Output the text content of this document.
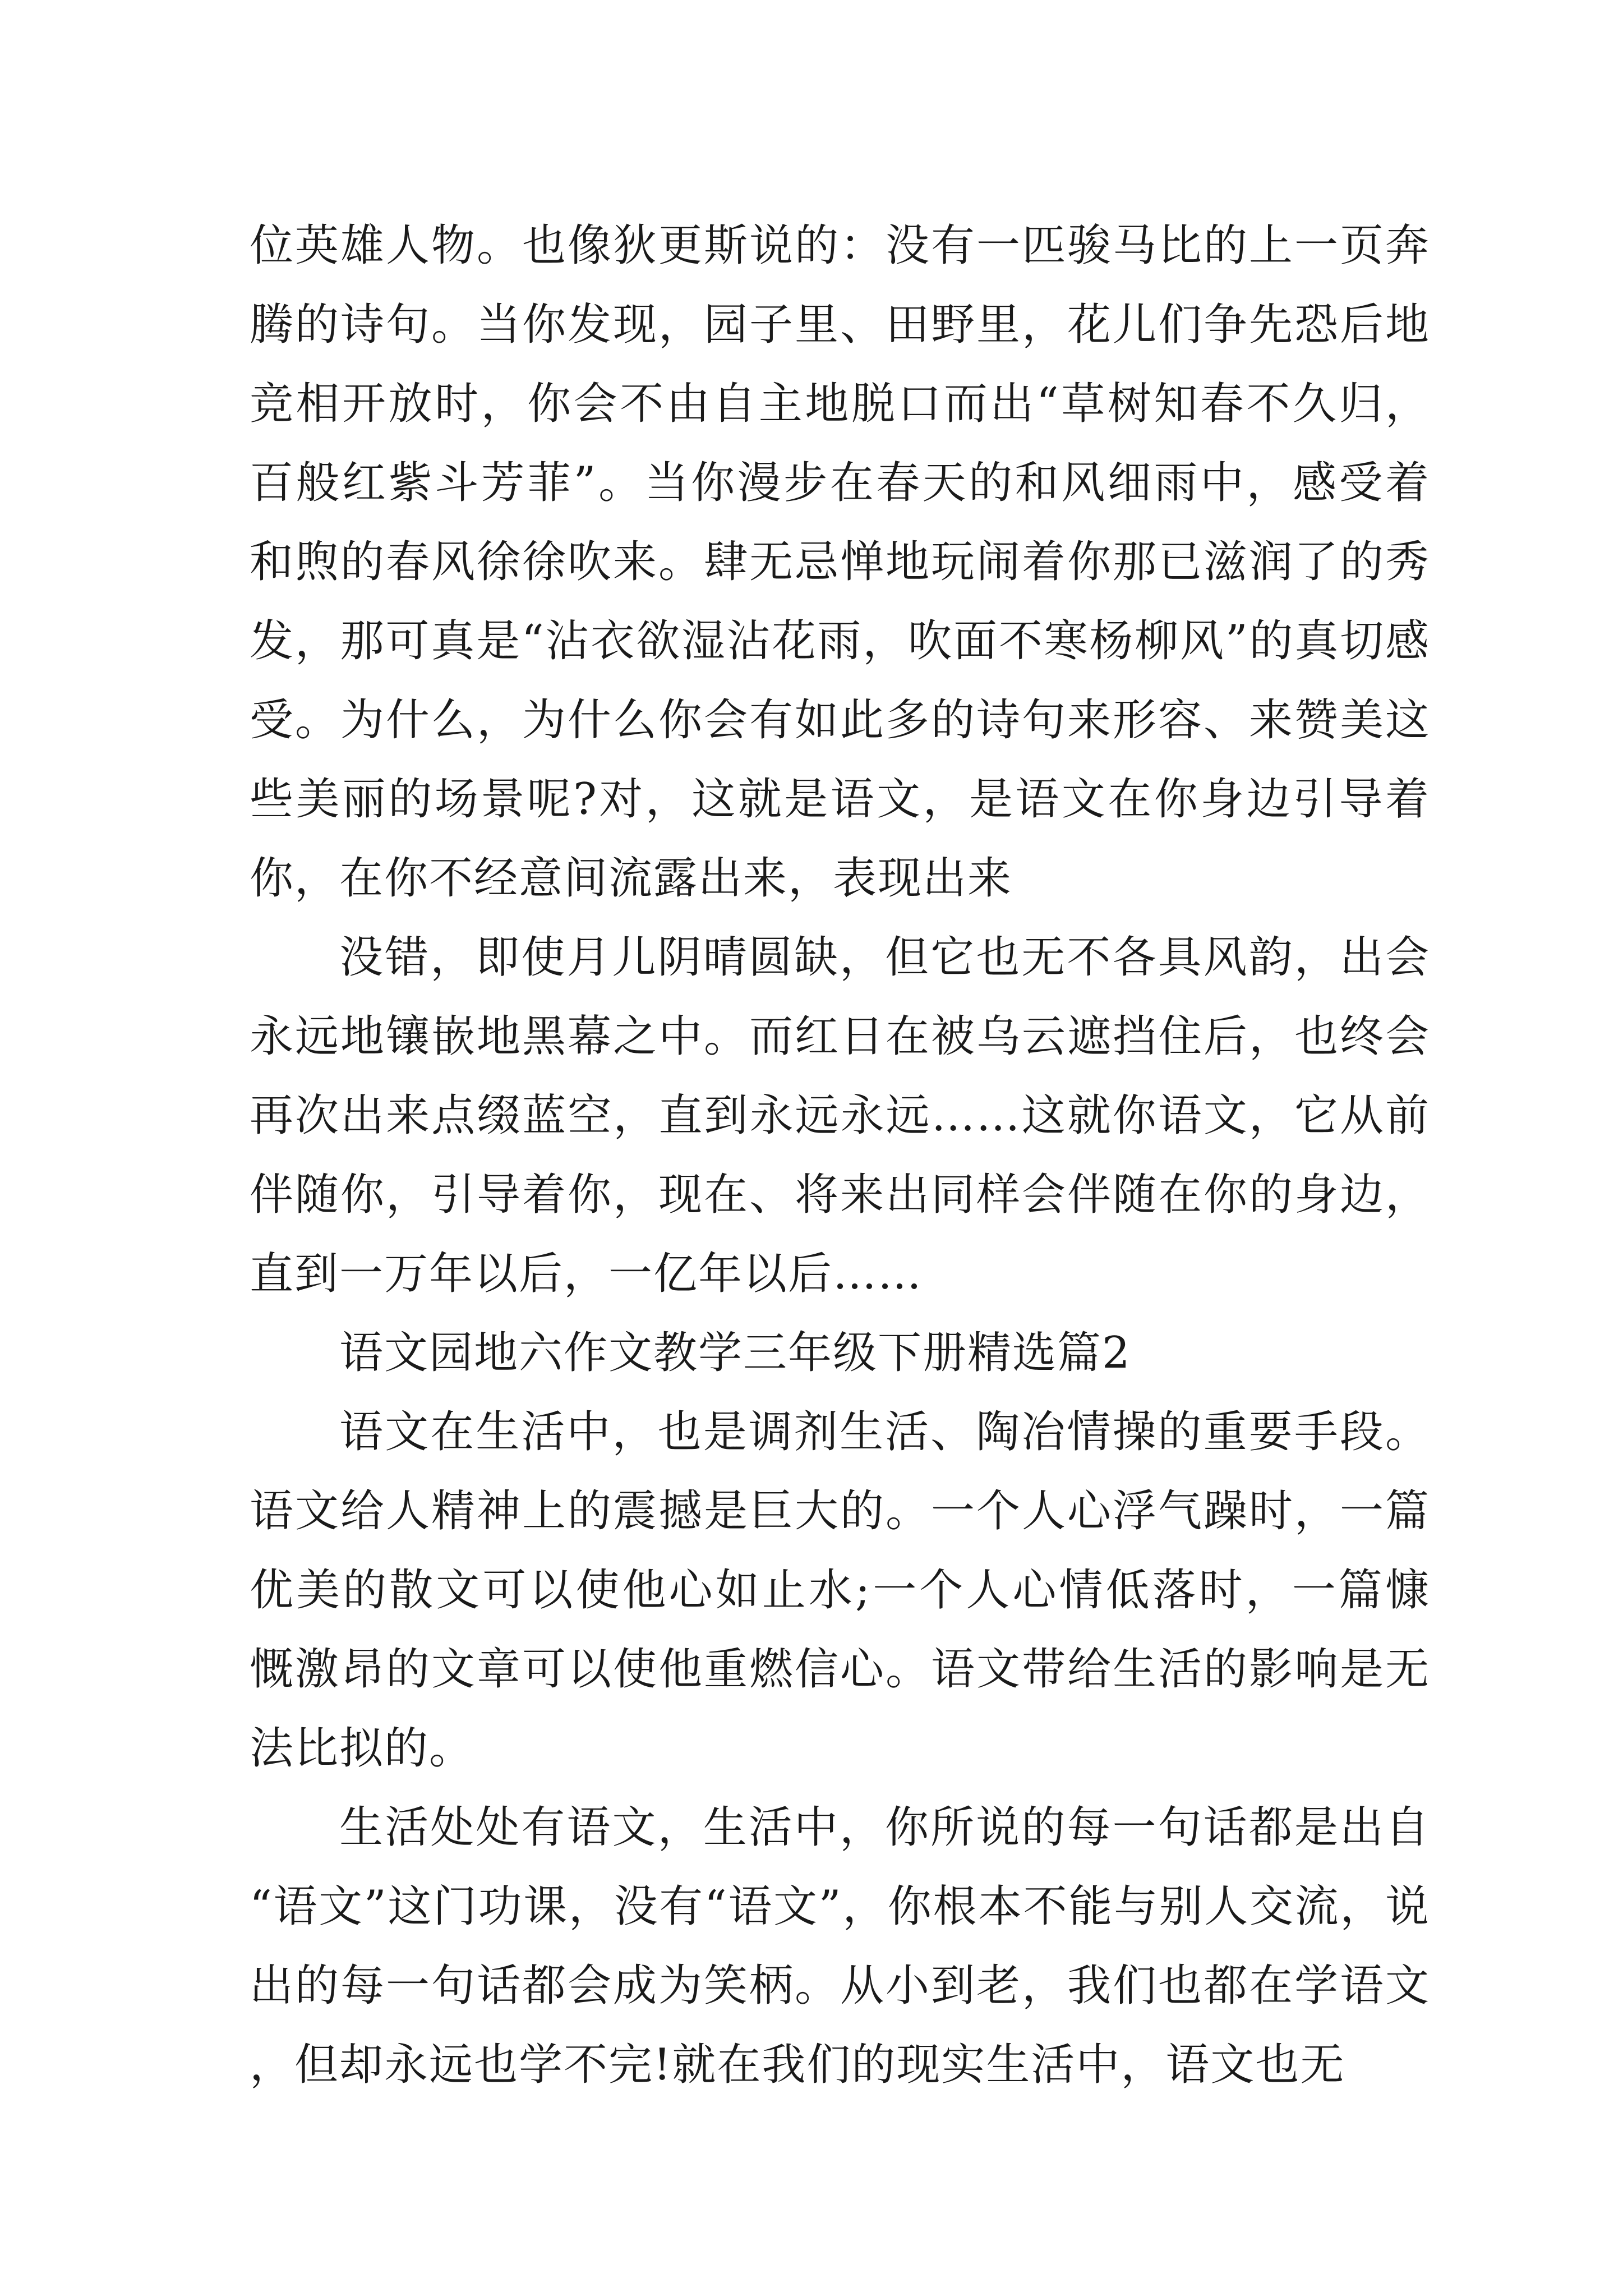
位英雄人物。也像狄更斯说的：没有一匹骏马比的上一页奔腾的诗句。当你发现，园子里、田野里，花儿们争先恐后地竞相开放时，你会不由自主地脱口而出“草树知春不久归，百般红紫斗芳菲”。当你漫步在春天的和风细雨中，感受着和煦的春风徐徐吹来。肆无忌惮地玩闹着你那已滋润了的秀发，那可真是“沾衣欲湿沾花雨，吹面不寒杨柳风”的真切感受。为什么，为什么你会有如此多的诗句来形容、来赞美这些美丽的场景呢?对，这就是语文，是语文在你身边引导着你，在你不经意间流露出来，表现出来

没错，即使月儿阴晴圆缺，但它也无不各具风韵，出会永远地镶嵌地黑幕之中。而红日在被乌云遮挡住后，也终会再次出来点缀蓝空，直到永远永远……这就你语文，它从前伴随你，引导着你，现在、将来出同样会伴随在你的身边，直到一万年以后，一亿年以后……

语文园地六作文教学三年级下册精选篇2

语文在生活中，也是调剂生活、陶冶情操的重要手段。语文给人精神上的震撼是巨大的。一个人心浮气躁时，一篇优美的散文可以使他心如止水;一个人心情低落时，一篇慷慨激昂的文章可以使他重燃信心。语文带给生活的影响是无法比拟的。

生活处处有语文，生活中，你所说的每一句话都是出自“语文”这门功课，没有“语文”，你根本不能与别人交流，说出的每一句话都会成为笑柄。从小到老，我们也都在学语文，但却永远也学不完!就在我们的现实生活中，语文也无
